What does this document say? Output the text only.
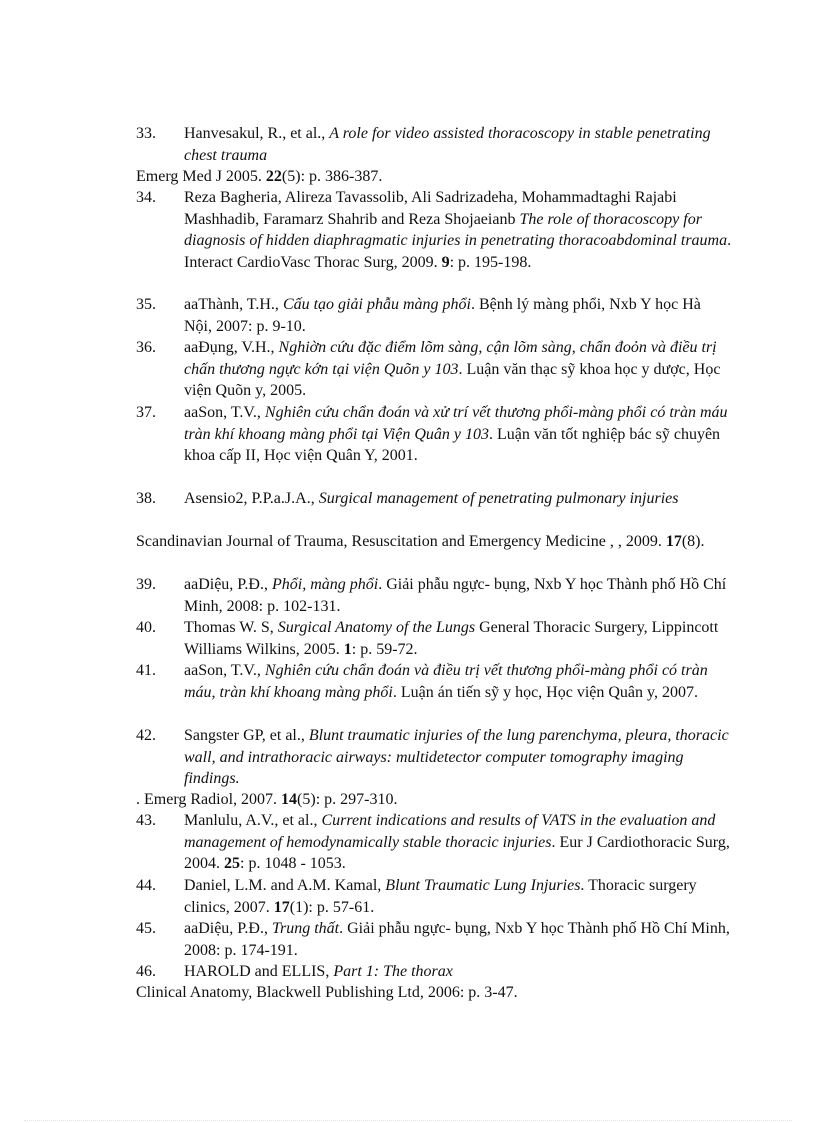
33.	Hanvesakul, R., et al., A role for video assisted thoracoscopy in stable penetrating chest trauma
Emerg Med J 2005. 22(5): p. 386-387.
34.	Reza Bagheria, Alireza Tavassolib, Ali Sadrizadeha, Mohammadtaghi Rajabi Mashhadib, Faramarz Shahrib and Reza Shojaeianb The role of thoracoscopy for diagnosis of hidden diaphragmatic injuries in penetrating thoracoabdominal trauma. Interact CardioVasc Thorac Surg, 2009. 9: p. 195-198.
35.	aaThành, T.H., Cấu tạo giải phẫu màng phổi. Bệnh lý màng phổi, Nxb Y học Hà Nội, 2007: p. 9-10.
36.	aaĐụng, V.H., Nghiờn cứu đặc điểm lõm sàng, cận lõm sàng, chẩn đoỏn và điều trị chấn thương ngực kớn tại viện Quõn y 103. Luận văn thạc sỹ khoa học y dược, Học viện Quõn y, 2005.
37.	aaSon, T.V., Nghiên cứu chẩn đoán và xử trí vết thương phổi-màng phổi có tràn máu tràn khí khoang màng phổi tại Viện Quân y 103. Luận văn tốt nghiệp bác sỹ chuyên khoa cấp II, Học viện Quân Y, 2001.
38.	Asensio2, P.P.a.J.A., Surgical management of penetrating pulmonary injuries
Scandinavian Journal of Trauma, Resuscitation and Emergency Medicine , , 2009. 17(8).
39.	aaDiệu, P.Đ., Phổi, màng phổi. Giải phẫu ngực- bụng, Nxb Y học Thành phố Hồ Chí Minh, 2008: p. 102-131.
40.	Thomas W. S, Surgical Anatomy of the Lungs General Thoracic Surgery, Lippincott Williams Wilkins, 2005. 1: p. 59-72.
41.	aaSon, T.V., Nghiên cứu chẩn đoán và điều trị vết thương phổi-màng phổi có tràn máu, tràn khí khoang màng phổi. Luận án tiến sỹ y học, Học viện Quân y, 2007.
42.	Sangster GP, et al., Blunt traumatic injuries of the lung parenchyma, pleura, thoracic wall, and intrathoracic airways: multidetector computer tomography imaging findings.
. Emerg Radiol, 2007. 14(5): p. 297-310.
43.	Manlulu, A.V., et al., Current indications and results of VATS in the evaluation and management of hemodynamically stable thoracic injuries. Eur J Cardiothoracic Surg, 2004. 25: p. 1048 - 1053.
44.	Daniel, L.M. and A.M. Kamal, Blunt Traumatic Lung Injuries. Thoracic surgery clinics, 2007. 17(1): p. 57-61.
45.	aaDiệu, P.Đ., Trung thất. Giải phẫu ngực- bụng, Nxb Y học Thành phố Hồ Chí Minh, 2008: p. 174-191.
46.	HAROLD and ELLIS, Part 1: The thorax
Clinical Anatomy, Blackwell Publishing Ltd, 2006: p. 3-47.
